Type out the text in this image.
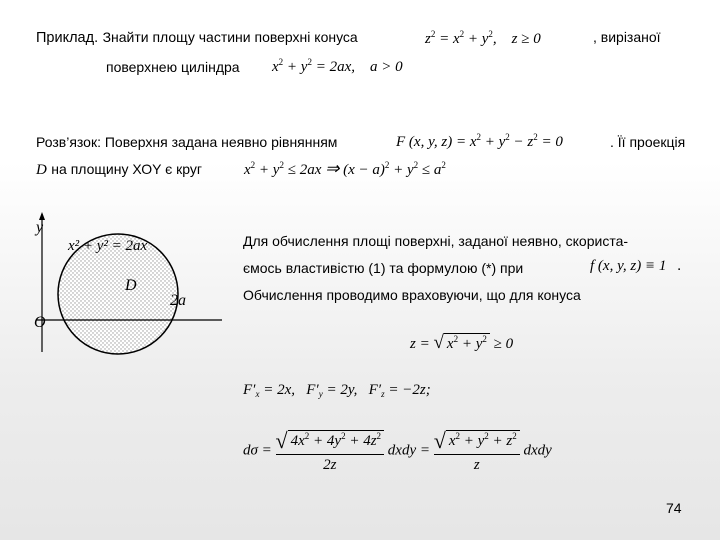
Приклад. Знайти площу частини поверхні конуса	$z^2 = x^2 + y^2$,    z ≥ 0	, вирізаної
поверхнею циліндра $x^2 + y^2 = 2ax$,    a > 0
Розв’язок: Поверхня задана неявно рівнянням	F (x, y, $z) = x^2 + y^2 - z^2 = 0$	. Її проекція
D на площину ХОY є круг	$x^2 + y^2 \le 2ax$ ⇒ $(x - a)^2 + y^2 \le a^2$
y
O
D
x² + y² = 2ax
2a
Для обчислення площі поверхні, заданої неявно, скориста-
ємось властивістю (1) та формулою (*) при	f (x, y, z) ≡ 1   .
Обчислення проводимо враховуючи, що для конуса
z = √ $x^2 + y^2 \ge 0$
$F'_x = 2x$,   $F'_y = 2y$,   $F'_z = -2z$;
$d\sigma = \frac{√ 4x^2 + 4y^2 + 4z^2}{2z}$ dxdy = $\frac{√ x^2 + y^2 + z^2}{z}$ dxdy
74
